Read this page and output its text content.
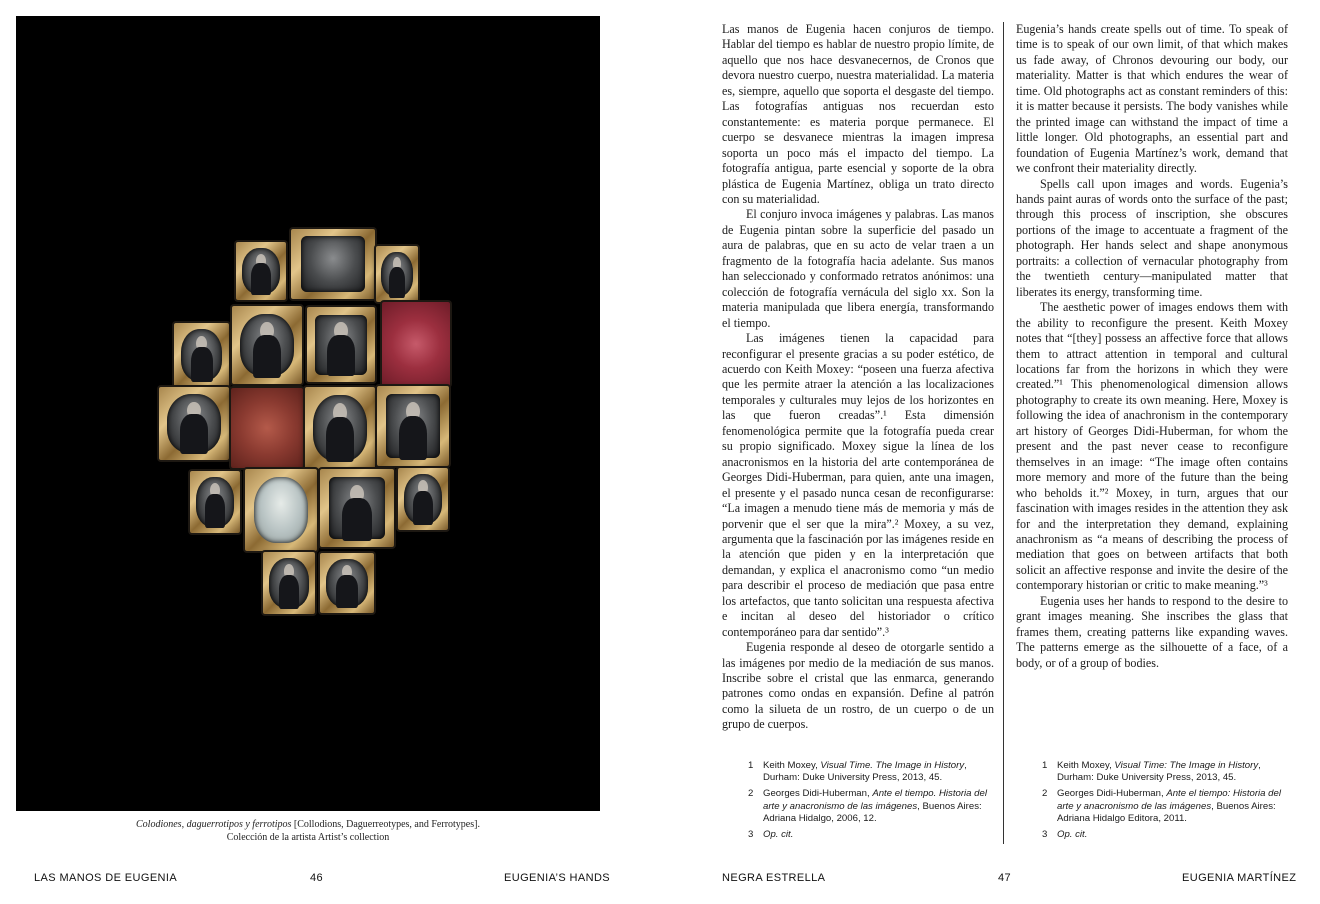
Colodiones, daguerrotipos y ferrotipos [Collodions, Daguerreotypes, and Ferrotypes].
Colección de la artista Artist’s collection

Las manos de Eugenia hacen conjuros de tiempo. Hablar del tiempo es hablar de nuestro propio límite, de aquello que nos hace desvanecernos, de Cronos que devora nuestro cuerpo, nuestra materialidad. La materia es, siempre, aquello que soporta el desgaste del tiempo. Las fotografías antiguas nos recuerdan esto constantemente: es materia porque permanece. El cuerpo se desvanece mientras la imagen impresa soporta un poco más el impacto del tiempo. La fotografía antigua, parte esencial y soporte de la obra plástica de Eugenia Martínez, obliga un trato directo con su materialidad.

El conjuro invoca imágenes y palabras. Las manos de Eugenia pintan sobre la superficie del pasado un aura de palabras, que en su acto de velar traen a un fragmento de la fotografía hacia adelante. Sus manos han seleccionado y conformado retratos anónimos: una colección de fotografía vernácula del siglo xx. Son la materia manipulada que libera energía, transformando el tiempo.

Las imágenes tienen la capacidad para reconfigurar el presente gracias a su poder estético, de acuerdo con Keith Moxey: “poseen una fuerza afectiva que les permite atraer la atención a las localizaciones temporales y culturales muy lejos de los horizontes en las que fueron creadas”.¹ Esta dimensión fenomenológica permite que la fotografía pueda crear su propio significado. Moxey sigue la línea de los anacronismos en la historia del arte contemporánea de Georges Didi-Huberman, para quien, ante una imagen, el presente y el pasado nunca cesan de reconfigurarse: “La imagen a menudo tiene más de memoria y más de porvenir que el ser que la mira”.² Moxey, a su vez, argumenta que la fascinación por las imágenes reside en la atención que piden y en la interpretación que demandan, y explica el anacronismo como “un medio para describir el proceso de mediación que pasa entre los artefactos, que tanto solicitan una respuesta afectiva e incitan al deseo del historiador o crítico contemporáneo para dar sentido”.³

Eugenia responde al deseo de otorgarle sentido a las imágenes por medio de la mediación de sus manos. Inscribe sobre el cristal que las enmarca, generando patrones como ondas en expansión. Define al patrón como la silueta de un rostro, de un cuerpo o de un grupo de cuerpos.

Eugenia’s hands create spells out of time. To speak of time is to speak of our own limit, of that which makes us fade away, of Chronos devouring our body, our materiality. Matter is that which endures the wear of time. Old photographs act as constant reminders of this: it is matter because it persists. The body vanishes while the printed image can withstand the impact of time a little longer. Old photographs, an essential part and foundation of Eugenia Martínez’s work, demand that we confront their materiality directly.

Spells call upon images and words. Eugenia’s hands paint auras of words onto the surface of the past; through this process of inscription, she obscures portions of the image to accentuate a fragment of the photograph. Her hands select and shape anonymous portraits: a collection of vernacular photography from the twentieth century—manipulated matter that liberates its energy, transforming time.

The aesthetic power of images endows them with the ability to reconfigure the present. Keith Moxey notes that “[they] possess an affective force that allows them to attract attention in temporal and cultural locations far from the horizons in which they were created.”¹ This phenomenological dimension allows photography to create its own meaning. Here, Moxey is following the idea of anachronism in the contemporary art history of Georges Didi-Huberman, for whom the present and the past never cease to reconfigure themselves in an image: “The image often contains more memory and more of the future than the being who beholds it.”² Moxey, in turn, argues that our fascination with images resides in the attention they ask for and the interpretation they demand, explaining anachronism as “a means of describing the process of mediation that goes on between artifacts that both solicit an affective response and invite the desire of the contemporary historian or critic to make meaning.”³

Eugenia uses her hands to respond to the desire to grant images meaning. She inscribes the glass that frames them, creating patterns like expanding waves. The patterns emerge as the silhouette of a face, of a body, or of a group of bodies.

1 Keith Moxey, Visual Time. The Image in History, Durham: Duke University Press, 2013, 45.
2 Georges Didi-Huberman, Ante el tiempo. Historia del arte y anacronismo de las imágenes, Buenos Aires: Adriana Hidalgo, 2006, 12.
3 Op. cit.
1 Keith Moxey, Visual Time: The Image in History, Durham: Duke University Press, 2013, 45.
2 Georges Didi-Huberman, Ante el tiempo: Historia del arte y anacronismo de las imágenes, Buenos Aires: Adriana Hidalgo Editora, 2011.
3 Op. cit.
LAS MANOS DE EUGENIA	46	EUGENIA’S HANDS	NEGRA ESTRELLA	47	EUGENIA MARTÍNEZ
